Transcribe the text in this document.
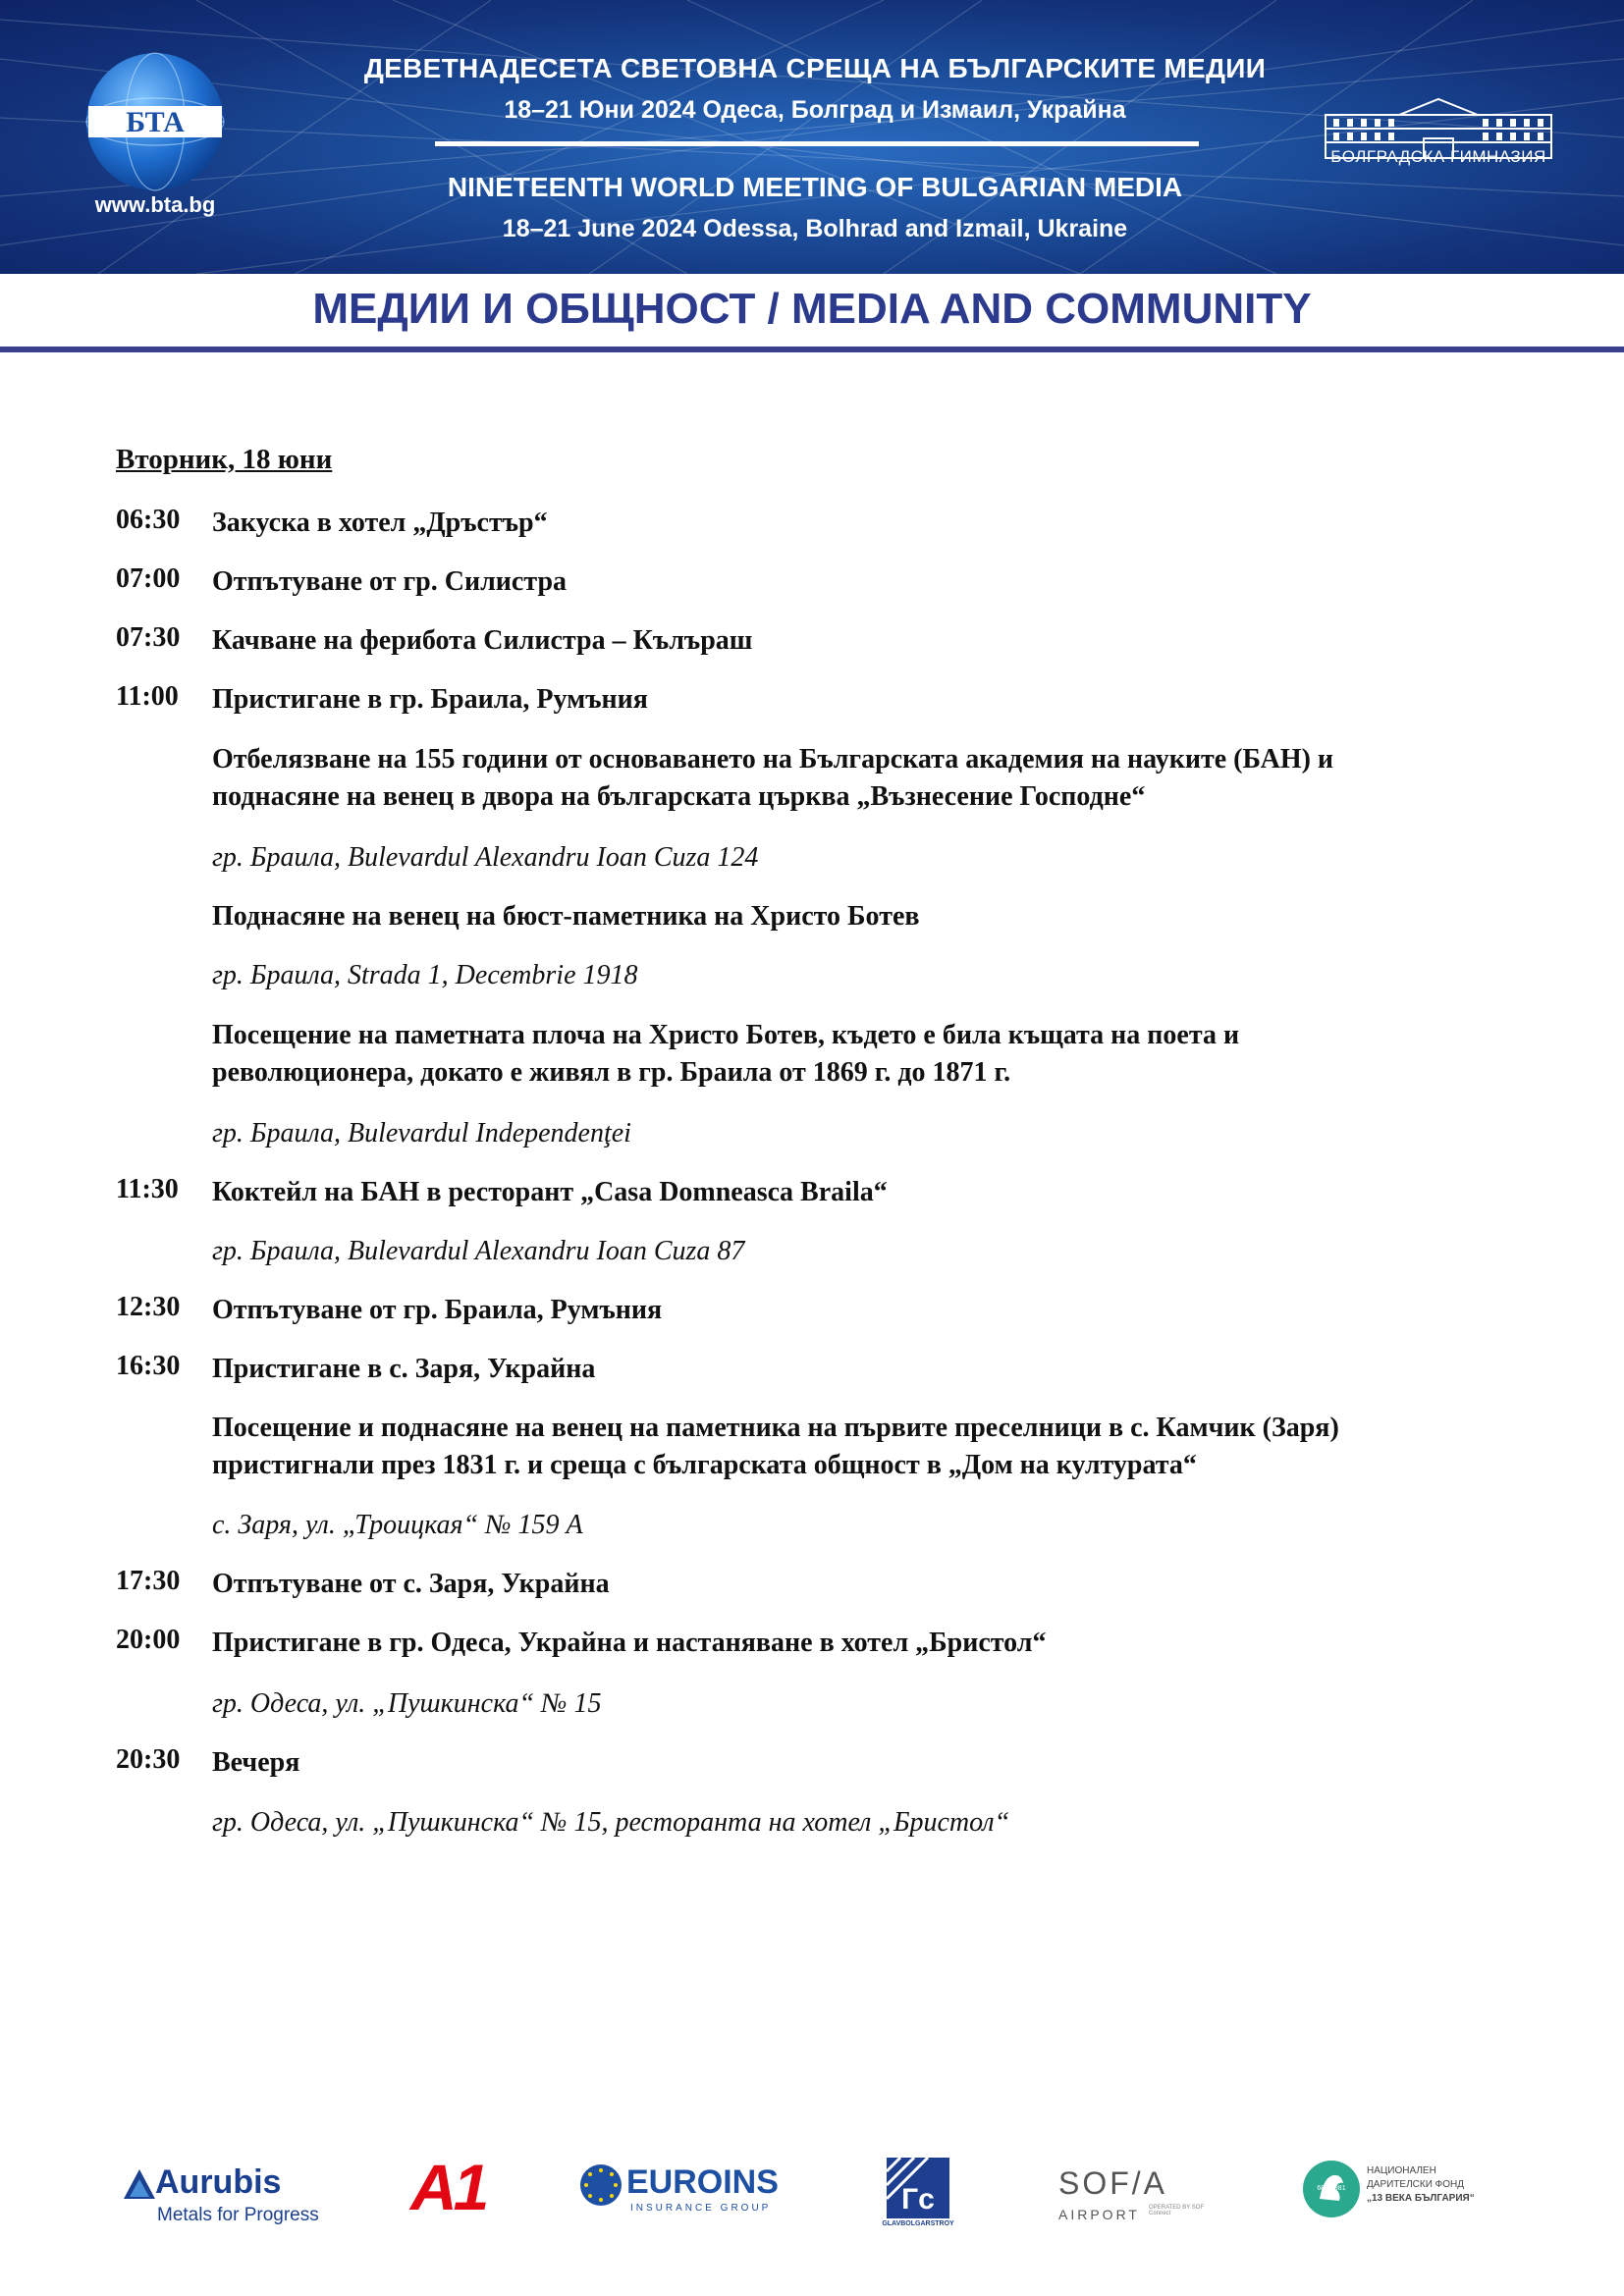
БТА
www.bta.bg
ДЕВЕТНАДЕСЕТА СВЕТОВНА СРЕЩА НА БЪЛГАРСКИТЕ МЕДИИ
18–21 Юни 2024 Одеса, Болград и Измаил, Украйна
NINETEENTH WORLD MEETING OF BULGARIAN MEDIA
18–21 June 2024 Odessa, Bolhrad and Izmail, Ukraine
БОЛГРАДСКА ГИМНАЗИЯ
МЕДИИ И ОБЩНОСТ / MEDIA AND COMMUNITY
Вторник, 18 юни
06:30 Закуска в хотел „Дръстър“
07:00 Отпътуване от гр. Силистра
07:30 Качване на ферибота Силистра – Кълъраш
11:00 Пристигане в гр. Браила, Румъния
Отбелязване на 155 години от основаването на Българската академия на науките (БАН) и
поднасяне на венец в двора на българската църква „Възнесение Господне“
гр. Браила, Bulevardul Alexandru Ioan Cuza 124
Поднасяне на венец на бюст-паметника на Христо Ботев
гр. Браила, Strada 1, Decembrie 1918
Посещение на паметната плоча на Христо Ботев, където е била къщата на поета и
революционера, докато е живял в гр. Браила от 1869 г. до 1871 г.
гр. Браила, Bulevardul Independenţei
11:30 Коктейл на БАН в ресторант „Casa Domneasca Braila“
гр. Браила, Bulevardul Alexandru Ioan Cuza 87
12:30 Отпътуване от гр. Браила, Румъния
16:30 Пристигане в с. Заря, Украйна
Посещение и поднасяне на венец на паметника на първите преселници в с. Камчик (Заря)
пристигнали през 1831 г. и среща с българската общност в „Дом на културата“
с. Заря, ул. „Троицкая“ № 159 А
17:30 Отпътуване от с. Заря, Украйна
20:00 Пристигане в гр. Одеса, Украйна и настаняване в хотел „Бристол“
гр. Одеса, ул. „Пушкинска“ № 15
20:30 Вечеря
гр. Одеса, ул. „Пушкинска“ № 15, ресторанта на хотел „Бристол“
Aurubis
Metals for Progress A1	EUROINS
INSURANCE GROUP	Гс
GLAVBOLGARSTROY
SOF/A
AIRPORT OPERATED BY SOF Connect
681 1981
НАЦИОНАЛЕН
ДАРИТЕЛСКИ ФОНД
„13 ВЕКА БЪЛГАРИЯ“
